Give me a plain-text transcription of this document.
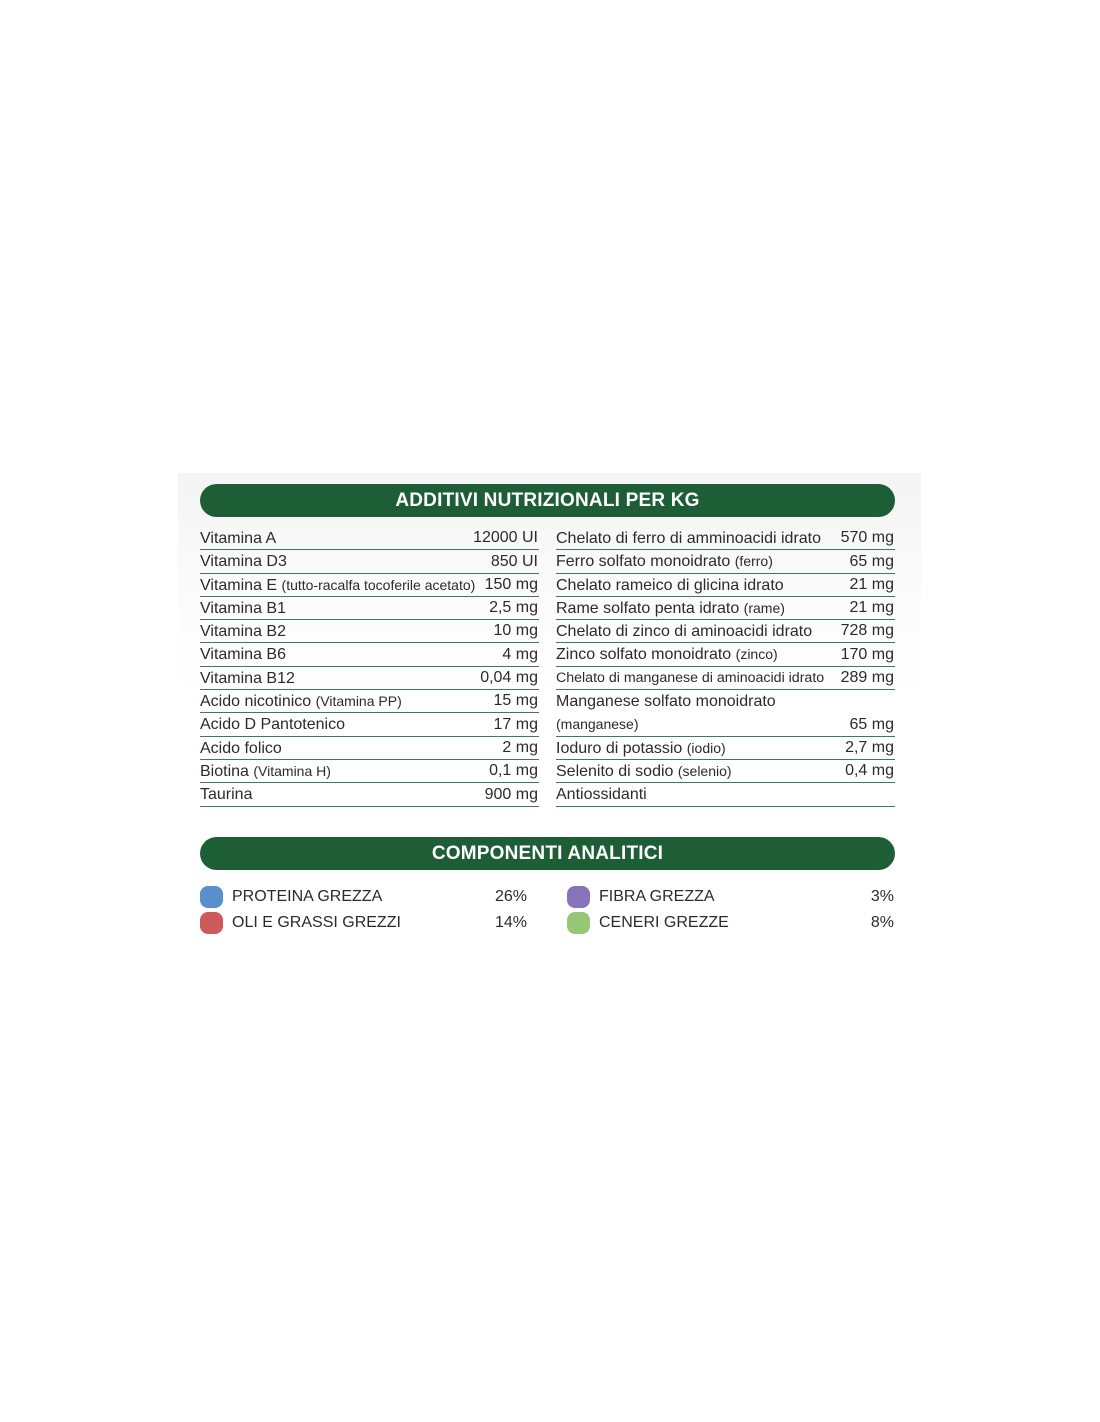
ADDITIVI NUTRIZIONALI PER KG
Vitamina A	12000 UI
Vitamina D3	850 UI
Vitamina E (tutto-racalfa tocoferile acetato) 150 mg
Vitamina B1	2,5 mg
Vitamina B2	10 mg
Vitamina B6	4 mg
Vitamina B12	0,04 mg
Acido nicotinico (Vitamina PP)	15 mg
Acido D Pantotenico	17 mg
Acido folico	2 mg
Biotina (Vitamina H)	0,1 mg
Taurina	900 mg
Chelato di ferro di amminoacidi idrato 570 mg
Ferro solfato monoidrato (ferro)	65 mg
Chelato rameico di glicina idrato	21 mg
Rame solfato penta idrato (rame)	21 mg
Chelato di zinco di aminoacidi idrato 728 mg
Zinco solfato monoidrato (zinco)	170 mg
Chelato di manganese di aminoacidi idrato 289 mg
Manganese solfato monoidrato
(manganese)	65 mg
Ioduro di potassio (iodio)	2,7 mg
Selenito di sodio (selenio)	0,4 mg
Antiossidanti
COMPONENTI ANALITICI
PROTEINA GREZZA	26%
OLI E GRASSI GREZZI	14%
FIBRA GREZZA	3%
CENERI GREZZE	8%
